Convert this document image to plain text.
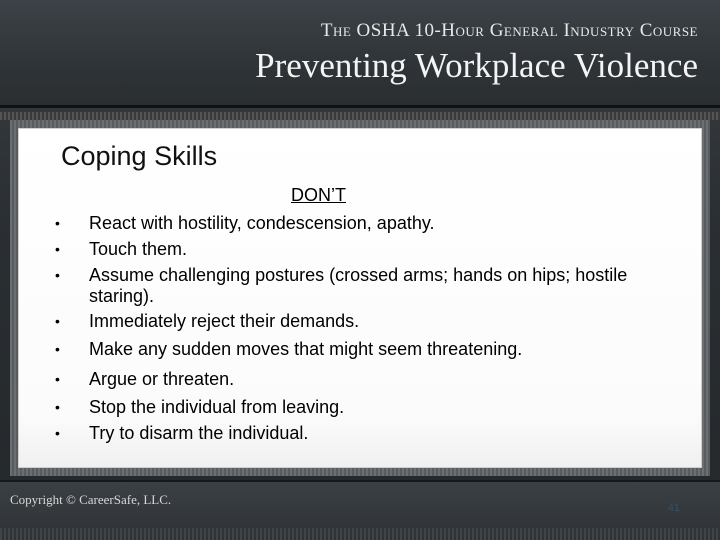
The OSHA 10-Hour General Industry Course
Preventing Workplace Violence
Coping Skills
DON’T
•	React with hostility, condescension, apathy.
•	Touch them.
•	Assume challenging postures (crossed arms; hands on hips; hostile staring).
•	Immediately reject their demands.
•	Make any sudden moves that might seem threatening.
•	Argue or threaten.
•	Stop the individual from leaving.
•	Try to disarm the individual.
Copyright © CareerSafe, LLC.
41
